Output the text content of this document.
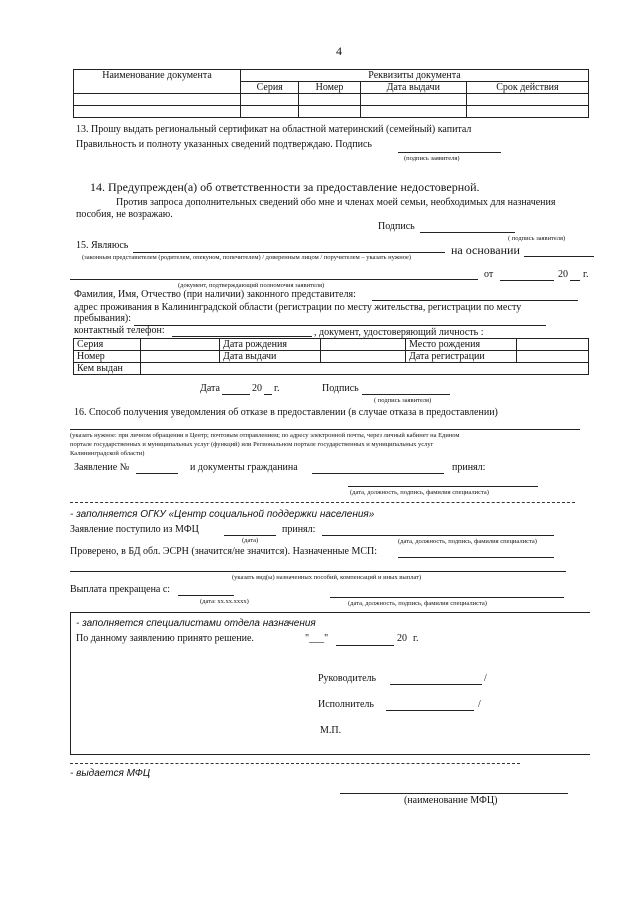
4
Наименование документа	Реквизиты документа			
	Серия	Номер	Дата выдачи	Срок действия

13. Прошу выдать региональный сертификат на областной материнский (семейный) капитал
Правильность и полноту указанных сведений подтверждаю. Подпись
(подпись заявителя)
14. Предупрежден(а) об ответственности за предоставление недостоверной.
Против запроса дополнительных сведений обо мне и членах моей семьи, необходимых для назначения
пособия, не возражаю.
Подпись
( подпись заявителя)
15. Являюсь	на основании
(законным представителем (родителем, опекуном, попечителем) / доверенным лицом / поручителем – указать нужное)
от	20 г.
(документ, подтверждающий полномочия заявителя)
Фамилия, Имя, Отчество (при наличии) законного представителя:
адрес проживания в Калининградской области (регистрации по месту жительства, регистрации по месту
пребывания):
контактный телефон:	, документ, удостоверяющий личность :
Серия		Дата рождения		Место рождения	
Номер		Дата выдачи		Дата регистрации	
Кем выдан					
Дата	20 г.	Подпись
( подпись заявителя)
16. Способ получения уведомления об отказе в предоставлении (в случае отказа в предоставлении)
(указать нужное: при личном обращении в Центр; почтовым отправлением; по адресу электронной почты, через личный кабинет на Едином
портале государственных и муниципальных услуг (функций) или Региональном портале государственных и муниципальных услуг
Калининградской области)
Заявление №	и документы гражданина	принял:
(дата, должность, подпись, фамилия специалиста)
- заполняется ОГКУ «Центр социальной поддержки населения»
Заявление поступило из МФЦ	принял:
(дата)	(дата, должность, подпись, фамилия специалиста)
Проверено, в БД обл. ЭСРН (значится/не значится). Назначенные МСП:
(указать вид(ы) назначенных пособий, компенсаций и иных выплат)
Выплата прекращена с:
(дата: хх.хх.хххх)	(дата, должность, подпись, фамилия специалиста)
- заполняется специалистами отдела назначения
По данному заявлению принято решение.	"___"	20 г.
Руководитель	/
Исполнитель	/
М.П.
- выдается МФЦ
(наименование МФЦ)
